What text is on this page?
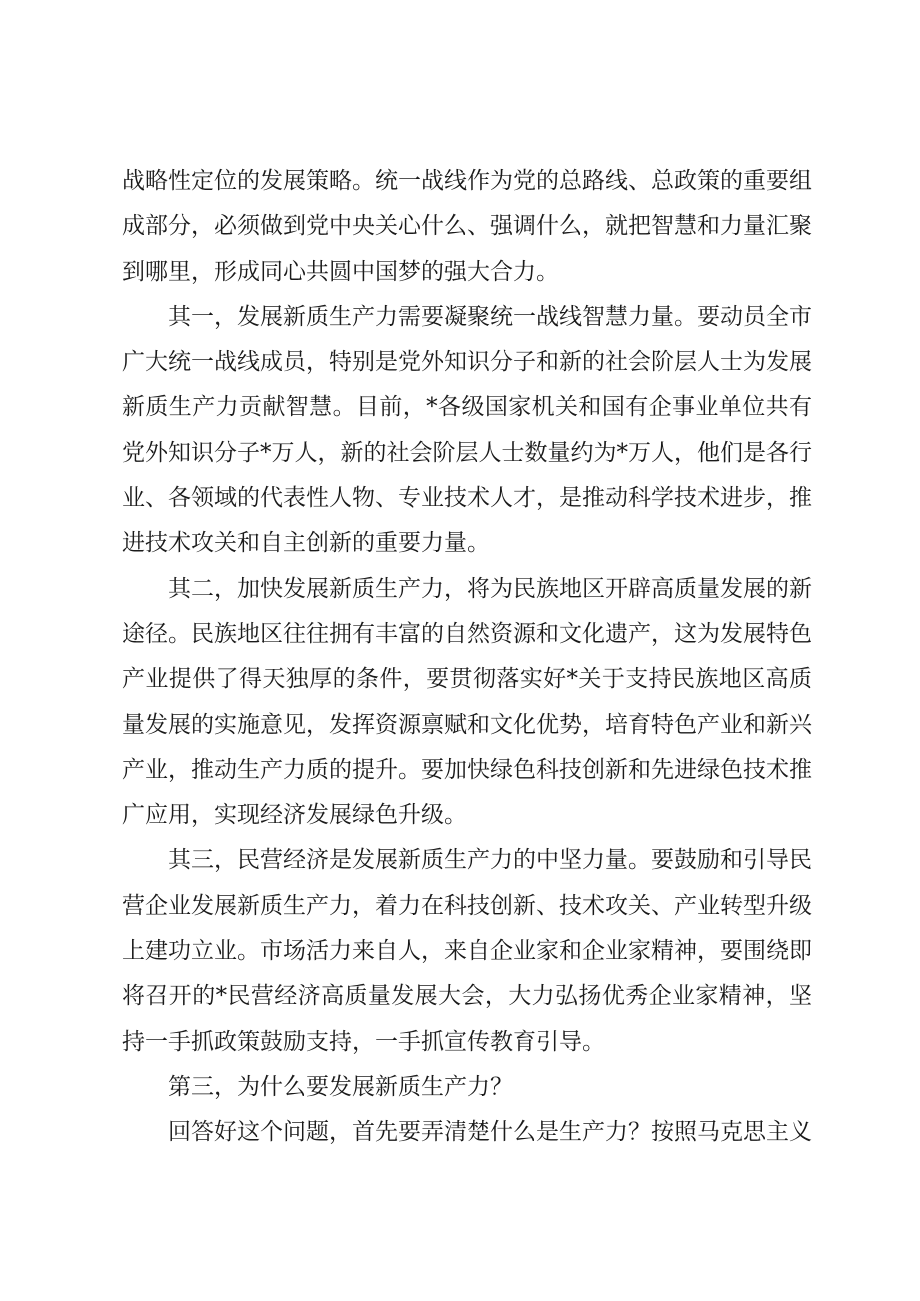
战略性定位的发展策略。统一战线作为党的总路线、总政策的重要组成部分，必须做到党中央关心什么、强调什么，就把智慧和力量汇聚到哪里，形成同心共圆中国梦的强大合力。

其一，发展新质生产力需要凝聚统一战线智慧力量。要动员全市广大统一战线成员，特别是党外知识分子和新的社会阶层人士为发展新质生产力贡献智慧。目前，*各级国家机关和国有企事业单位共有党外知识分子*万人，新的社会阶层人士数量约为*万人，他们是各行业、各领域的代表性人物、专业技术人才，是推动科学技术进步，推进技术攻关和自主创新的重要力量。

其二，加快发展新质生产力，将为民族地区开辟高质量发展的新途径。民族地区往往拥有丰富的自然资源和文化遗产，这为发展特色产业提供了得天独厚的条件，要贯彻落实好*关于支持民族地区高质量发展的实施意见，发挥资源禀赋和文化优势，培育特色产业和新兴产业，推动生产力质的提升。要加快绿色科技创新和先进绿色技术推广应用，实现经济发展绿色升级。

其三，民营经济是发展新质生产力的中坚力量。要鼓励和引导民营企业发展新质生产力，着力在科技创新、技术攻关、产业转型升级上建功立业。市场活力来自人，来自企业家和企业家精神，要围绕即将召开的*民营经济高质量发展大会，大力弘扬优秀企业家精神，坚持一手抓政策鼓励支持，一手抓宣传教育引导。

第三，为什么要发展新质生产力？

回答好这个问题，首先要弄清楚什么是生产力？按照马克思主义
